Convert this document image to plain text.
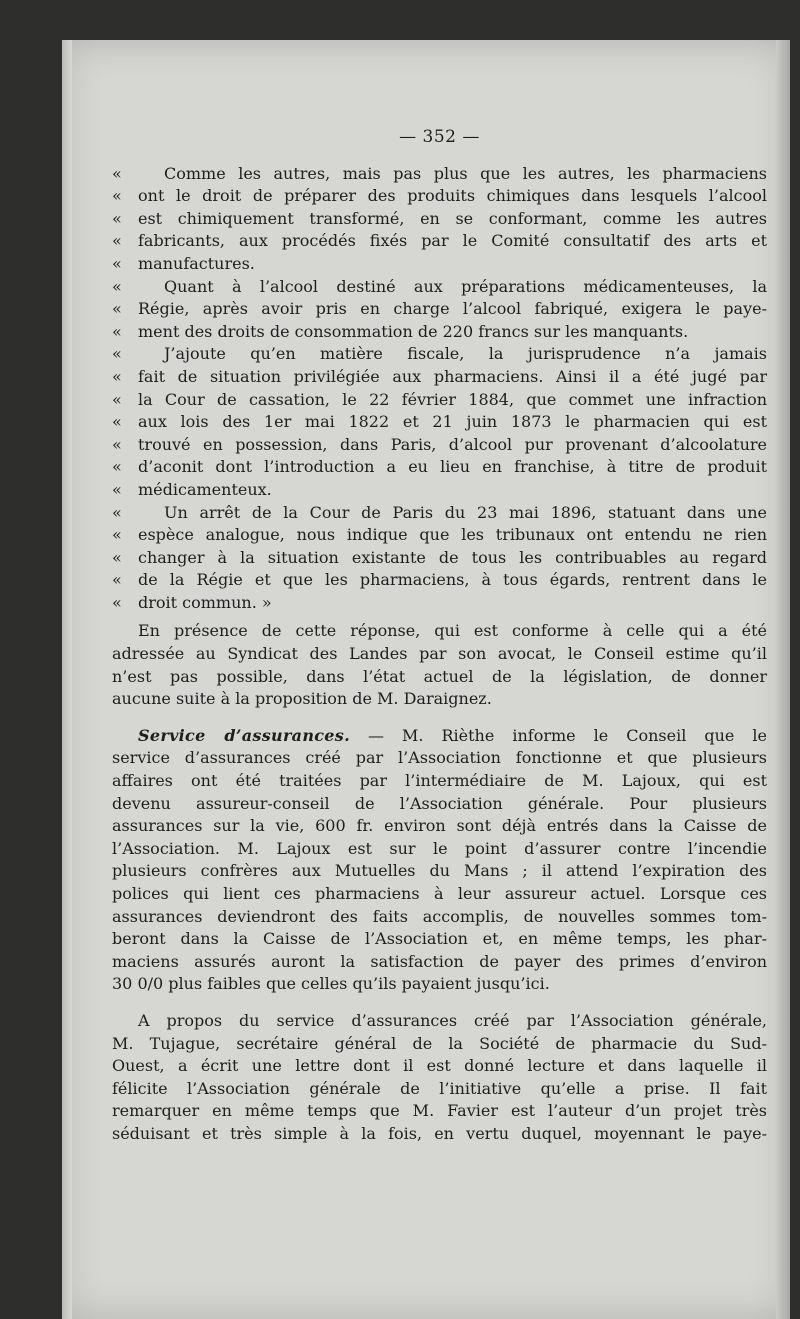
— 352 —
«	Comme les autres, mais pas plus que les autres, les pharmaciens
« ont le droit de préparer des produits chimiques dans lesquels l’alcool
« est chimiquement transformé, en se conformant, comme les autres
« fabricants, aux procédés fixés par le Comité consultatif des arts et
« manufactures.
«	Quant à l’alcool destiné aux préparations médicamenteuses, la
« Régie, après avoir pris en charge l’alcool fabriqué, exigera le paye-
« ment des droits de consommation de 220 francs sur les manquants.
«	J’ajoute qu’en matière fiscale, la jurisprudence n’a jamais
« fait de situation privilégiée aux pharmaciens. Ainsi il a été jugé par
« la Cour de cassation, le 22 février 1884, que commet une infraction
« aux lois des 1er mai 1822 et 21 juin 1873 le pharmacien qui est
« trouvé en possession, dans Paris, d’alcool pur provenant d’alcoolature
« d’aconit dont l’introduction a eu lieu en franchise, à titre de produit
« médicamenteux.
«	Un arrêt de la Cour de Paris du 23 mai 1896, statuant dans une
« espèce analogue, nous indique que les tribunaux ont entendu ne rien
« changer à la situation existante de tous les contribuables au regard
« de la Régie et que les pharmaciens, à tous égards, rentrent dans le
« droit commun. »
En présence de cette réponse, qui est conforme à celle qui a été
adressée au Syndicat des Landes par son avocat, le Conseil estime qu’il
n’est pas possible, dans l’état actuel de la législation, de donner
aucune suite à la proposition de M. Daraignez.
Service d’assurances. — M. Rièthe informe le Conseil que le
service d’assurances créé par l’Association fonctionne et que plusieurs
affaires ont été traitées par l’intermédiaire de M. Lajoux, qui est
devenu assureur-conseil de l’Association générale. Pour plusieurs
assurances sur la vie, 600 fr. environ sont déjà entrés dans la Caisse de
l’Association. M. Lajoux est sur le point d’assurer contre l’incendie
plusieurs confrères aux Mutuelles du Mans ; il attend l’expiration des
polices qui lient ces pharmaciens à leur assureur actuel. Lorsque ces
assurances deviendront des faits accomplis, de nouvelles sommes tom-
beront dans la Caisse de l’Association et, en même temps, les phar-
maciens assurés auront la satisfaction de payer des primes d’environ
30 0/0 plus faibles que celles qu’ils payaient jusqu’ici.
A propos du service d’assurances créé par l’Association générale,
M. Tujague, secrétaire général de la Société de pharmacie du Sud-
Ouest, a écrit une lettre dont il est donné lecture et dans laquelle il
félicite l’Association générale de l’initiative qu’elle a prise. Il fait
remarquer en même temps que M. Favier est l’auteur d’un projet très
séduisant et très simple à la fois, en vertu duquel, moyennant le paye-
